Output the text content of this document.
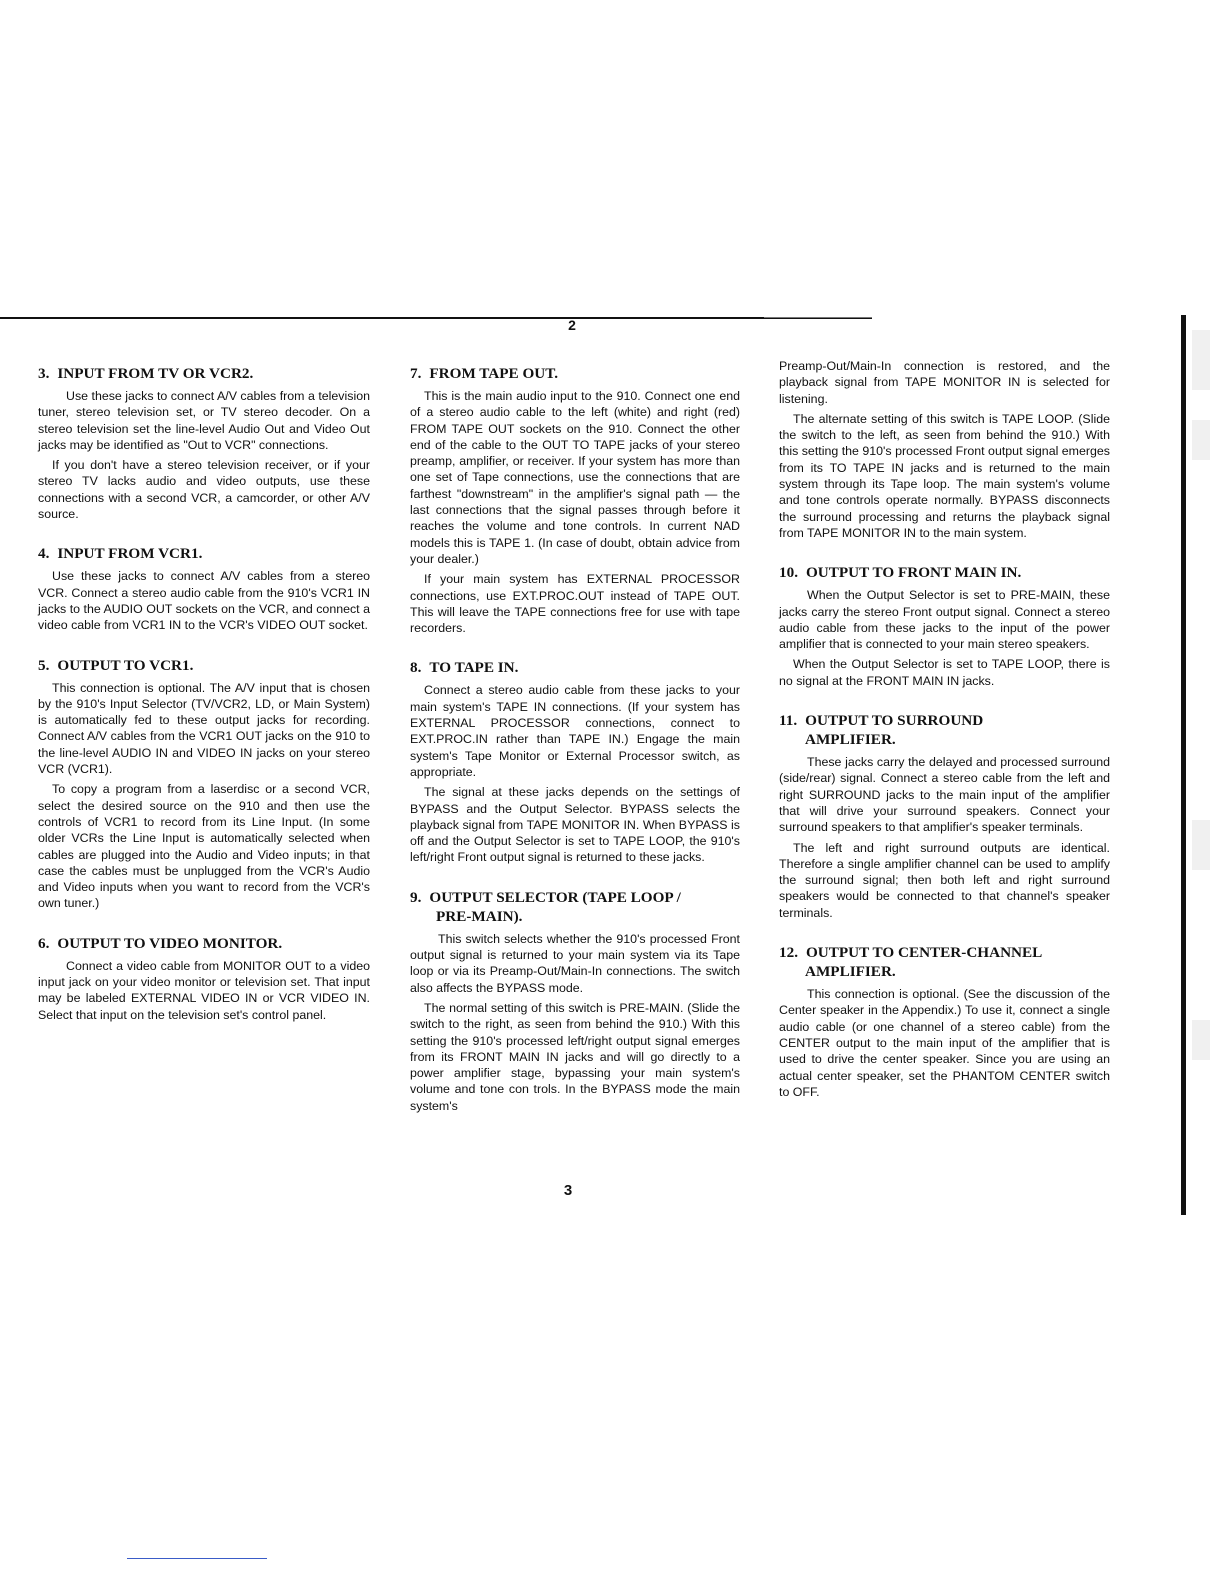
2
3. INPUT FROM TV OR VCR2.

Use these jacks to connect A/V cables from a television tuner, stereo television set, or TV stereo decoder. On a stereo television set the line-level Audio Out and Video Out jacks may be identified as "Out to VCR" connections.

If you don't have a stereo television receiver, or if your stereo TV lacks audio and video outputs, use these connections with a second VCR, a camcorder, or other A/V source.

4. INPUT FROM VCR1.

Use these jacks to connect A/V cables from a stereo VCR. Connect a stereo audio cable from the 910's VCR1 IN jacks to the AUDIO OUT sockets on the VCR, and connect a video cable from VCR1 IN to the VCR's VIDEO OUT socket.

5. OUTPUT TO VCR1.

This connection is optional. The A/V input that is chosen by the 910's Input Selector (TV/VCR2, LD, or Main System) is automatically fed to these output jacks for recording. Connect A/V cables from the VCR1 OUT jacks on the 910 to the line-level AUDIO IN and VIDEO IN jacks on your stereo VCR (VCR1).

To copy a program from a laserdisc or a second VCR, select the desired source on the 910 and then use the controls of VCR1 to record from its Line Input. (In some older VCRs the Line Input is automatically selected when cables are plugged into the Audio and Video inputs; in that case the cables must be unplugged from the VCR's Audio and Video inputs when you want to record from the VCR's own tuner.)

6. OUTPUT TO VIDEO MONITOR.

Connect a video cable from MONITOR OUT to a video input jack on your video monitor or television set. That input may be labeled EXTERNAL VIDEO IN or VCR VIDEO IN. Select that input on the television set's control panel.

7. FROM TAPE OUT.

This is the main audio input to the 910. Connect one end of a stereo audio cable to the left (white) and right (red) FROM TAPE OUT sockets on the 910. Connect the other end of the cable to the OUT TO TAPE jacks of your stereo preamp, amplifier, or receiver. If your system has more than one set of Tape connections, use the connections that are farthest "downstream" in the amplifier's signal path — the last connections that the signal passes through before it reaches the volume and tone controls. In current NAD models this is TAPE 1. (In case of doubt, obtain advice from your dealer.)

If your main system has EXTERNAL PROCESSOR connections, use EXT.PROC.OUT instead of TAPE OUT. This will leave the TAPE connections free for use with tape recorders.

8. TO TAPE IN.

Connect a stereo audio cable from these jacks to your main system's TAPE IN connections. (If your system has EXTERNAL PROCESSOR connections, connect to EXT.PROC.IN rather than TAPE IN.) Engage the main system's Tape Monitor or External Processor switch, as appropriate.

The signal at these jacks depends on the settings of BYPASS and the Output Selector. BYPASS selects the playback signal from TAPE MONITOR IN. When BYPASS is off and the Output Selector is set to TAPE LOOP, the 910's left/right Front output signal is returned to these jacks.

9. OUTPUT SELECTOR (TAPE LOOP /
PRE-MAIN).

This switch selects whether the 910's processed Front output signal is returned to your main system via its Tape loop or via its Preamp-Out/Main-In connections. The switch also affects the BYPASS mode.

The normal setting of this switch is PRE-MAIN. (Slide the switch to the right, as seen from behind the 910.) With this setting the 910's processed left/right output signal emerges from its FRONT MAIN IN jacks and will go directly to a power amplifier stage, bypassing your main system's volume and tone con trols. In the BYPASS mode the main system's

Preamp-Out/Main-In connection is restored, and the playback signal from TAPE MONITOR IN is selected for listening.

The alternate setting of this switch is TAPE LOOP. (Slide the switch to the left, as seen from behind the 910.) With this setting the 910's processed Front output signal emerges from its TO TAPE IN jacks and is returned to the main system through its Tape loop. The main system's volume and tone controls operate normally. BYPASS disconnects the surround processing and returns the playback signal from TAPE MONITOR IN to the main system.

10. OUTPUT TO FRONT MAIN IN.

When the Output Selector is set to PRE-MAIN, these jacks carry the stereo Front output signal. Connect a stereo audio cable from these jacks to the input of the power amplifier that is connected to your main stereo speakers.

When the Output Selector is set to TAPE LOOP, there is no signal at the FRONT MAIN IN jacks.

11. OUTPUT TO SURROUND
AMPLIFIER.

These jacks carry the delayed and processed surround (side/rear) signal. Connect a stereo cable from the left and right SURROUND jacks to the main input of the amplifier that will drive your surround speakers. Connect your surround speakers to that amplifier's speaker terminals.

The left and right surround outputs are identical. Therefore a single amplifier channel can be used to amplify the surround signal; then both left and right surround speakers would be connected to that channel's speaker terminals.

12. OUTPUT TO CENTER-CHANNEL
AMPLIFIER.

This connection is optional. (See the discussion of the Center speaker in the Appendix.) To use it, connect a single audio cable (or one channel of a stereo cable) from the CENTER output to the main input of the amplifier that is used to drive the center speaker. Since you are using an actual center speaker, set the PHANTOM CENTER switch to OFF.

3
